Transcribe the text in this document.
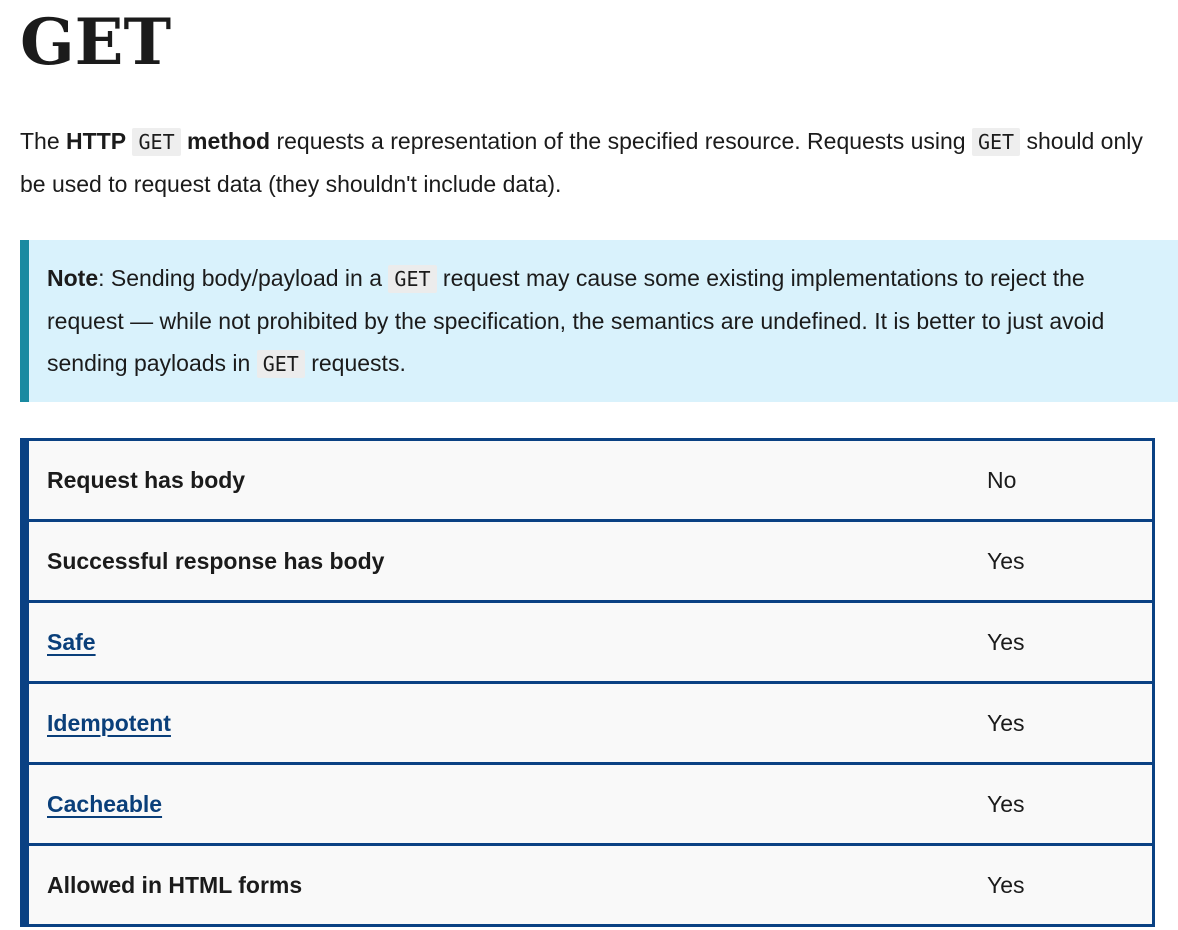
GET

The HTTP GET method requests a representation of the specified resource. Requests using GET should only be used to request data (they shouldn't include data).

Note: Sending body/payload in a GET request may cause some existing implementations to reject the request — while not prohibited by the specification, the semantics are undefined. It is better to just avoid sending payloads in GET requests.

Request has body	No
Successful response has body	Yes
Safe	Yes
Idempotent	Yes
Cacheable	Yes
Allowed in HTML forms	Yes
